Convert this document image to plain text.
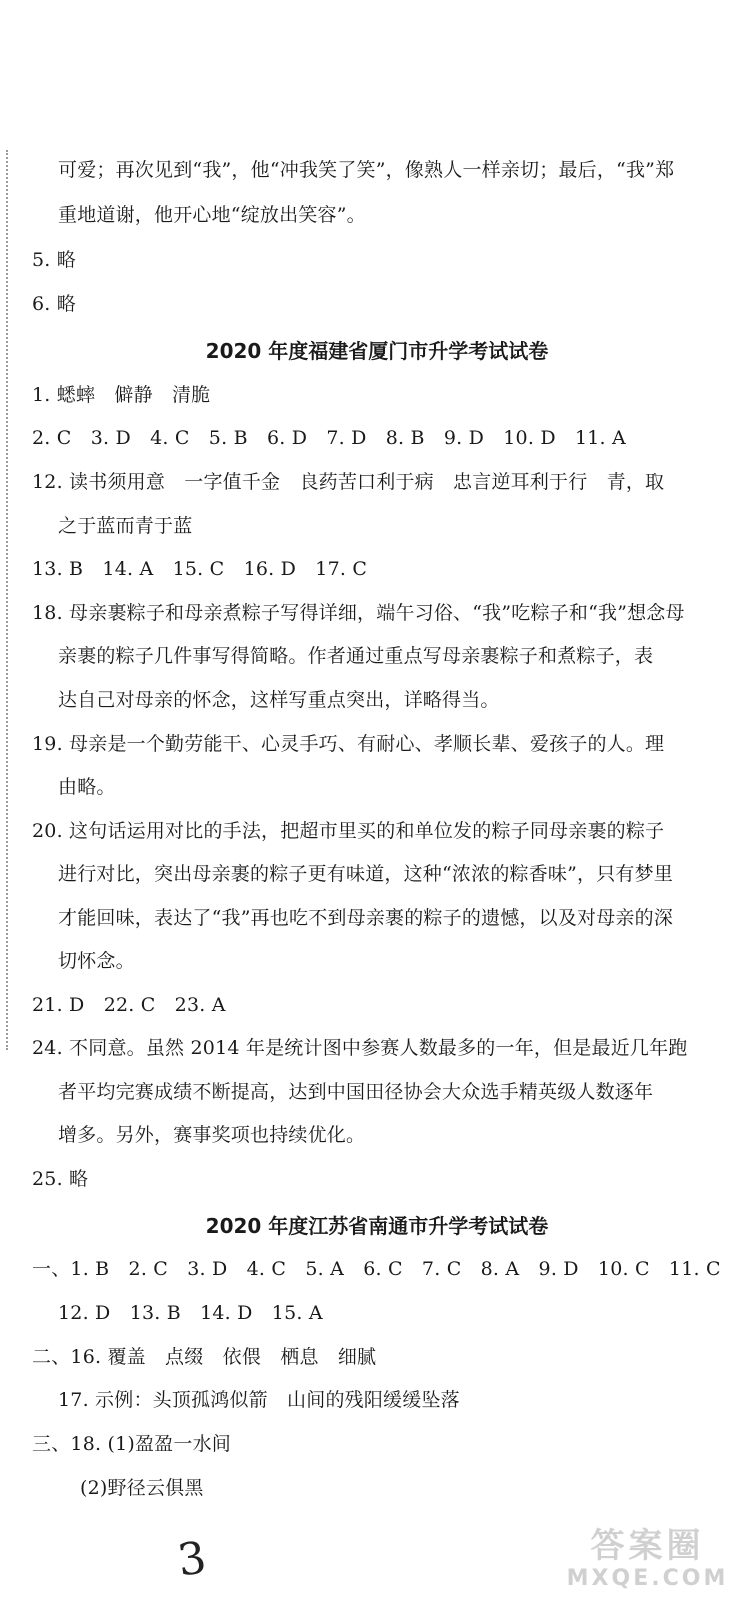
可爱；再次见到“我”，他“冲我笑了笑”，像熟人一样亲切；最后，“我”郑

重地道谢，他开心地“绽放出笑容”。

5. 略

6. 略

2020 年度福建省厦门市升学考试试卷

1. 蟋蟀　僻静　清脆

2. C　3. D　4. C　5. B　6. D　7. D　8. B　9. D　10. D　11. A

12. 读书须用意　一字值千金　良药苦口利于病　忠言逆耳利于行　青，取

之于蓝而青于蓝

13. B　14. A　15. C　16. D　17. C

18. 母亲裹粽子和母亲煮粽子写得详细，端午习俗、“我”吃粽子和“我”想念母

亲裹的粽子几件事写得简略。作者通过重点写母亲裹粽子和煮粽子，表

达自己对母亲的怀念，这样写重点突出，详略得当。

19. 母亲是一个勤劳能干、心灵手巧、有耐心、孝顺长辈、爱孩子的人。理

由略。

20. 这句话运用对比的手法，把超市里买的和单位发的粽子同母亲裹的粽子

进行对比，突出母亲裹的粽子更有味道，这种“浓浓的粽香味”，只有梦里

才能回味，表达了“我”再也吃不到母亲裹的粽子的遗憾，以及对母亲的深

切怀念。

21. D　22. C　23. A

24. 不同意。虽然 2014 年是统计图中参赛人数最多的一年，但是最近几年跑

者平均完赛成绩不断提高，达到中国田径协会大众选手精英级人数逐年

增多。另外，赛事奖项也持续优化。

25. 略

2020 年度江苏省南通市升学考试试卷

一、1. B　2. C　3. D　4. C　5. A　6. C　7. C　8. A　9. D　10. C　11. C

12. D　13. B　14. D　15. A

二、16. 覆盖　点缀　依偎　栖息　细腻

17. 示例：头顶孤鸿似箭　山间的残阳缓缓坠落

三、18. (1)盈盈一水间

(2)野径云俱黑

3	答案圈
MXQE.COM
